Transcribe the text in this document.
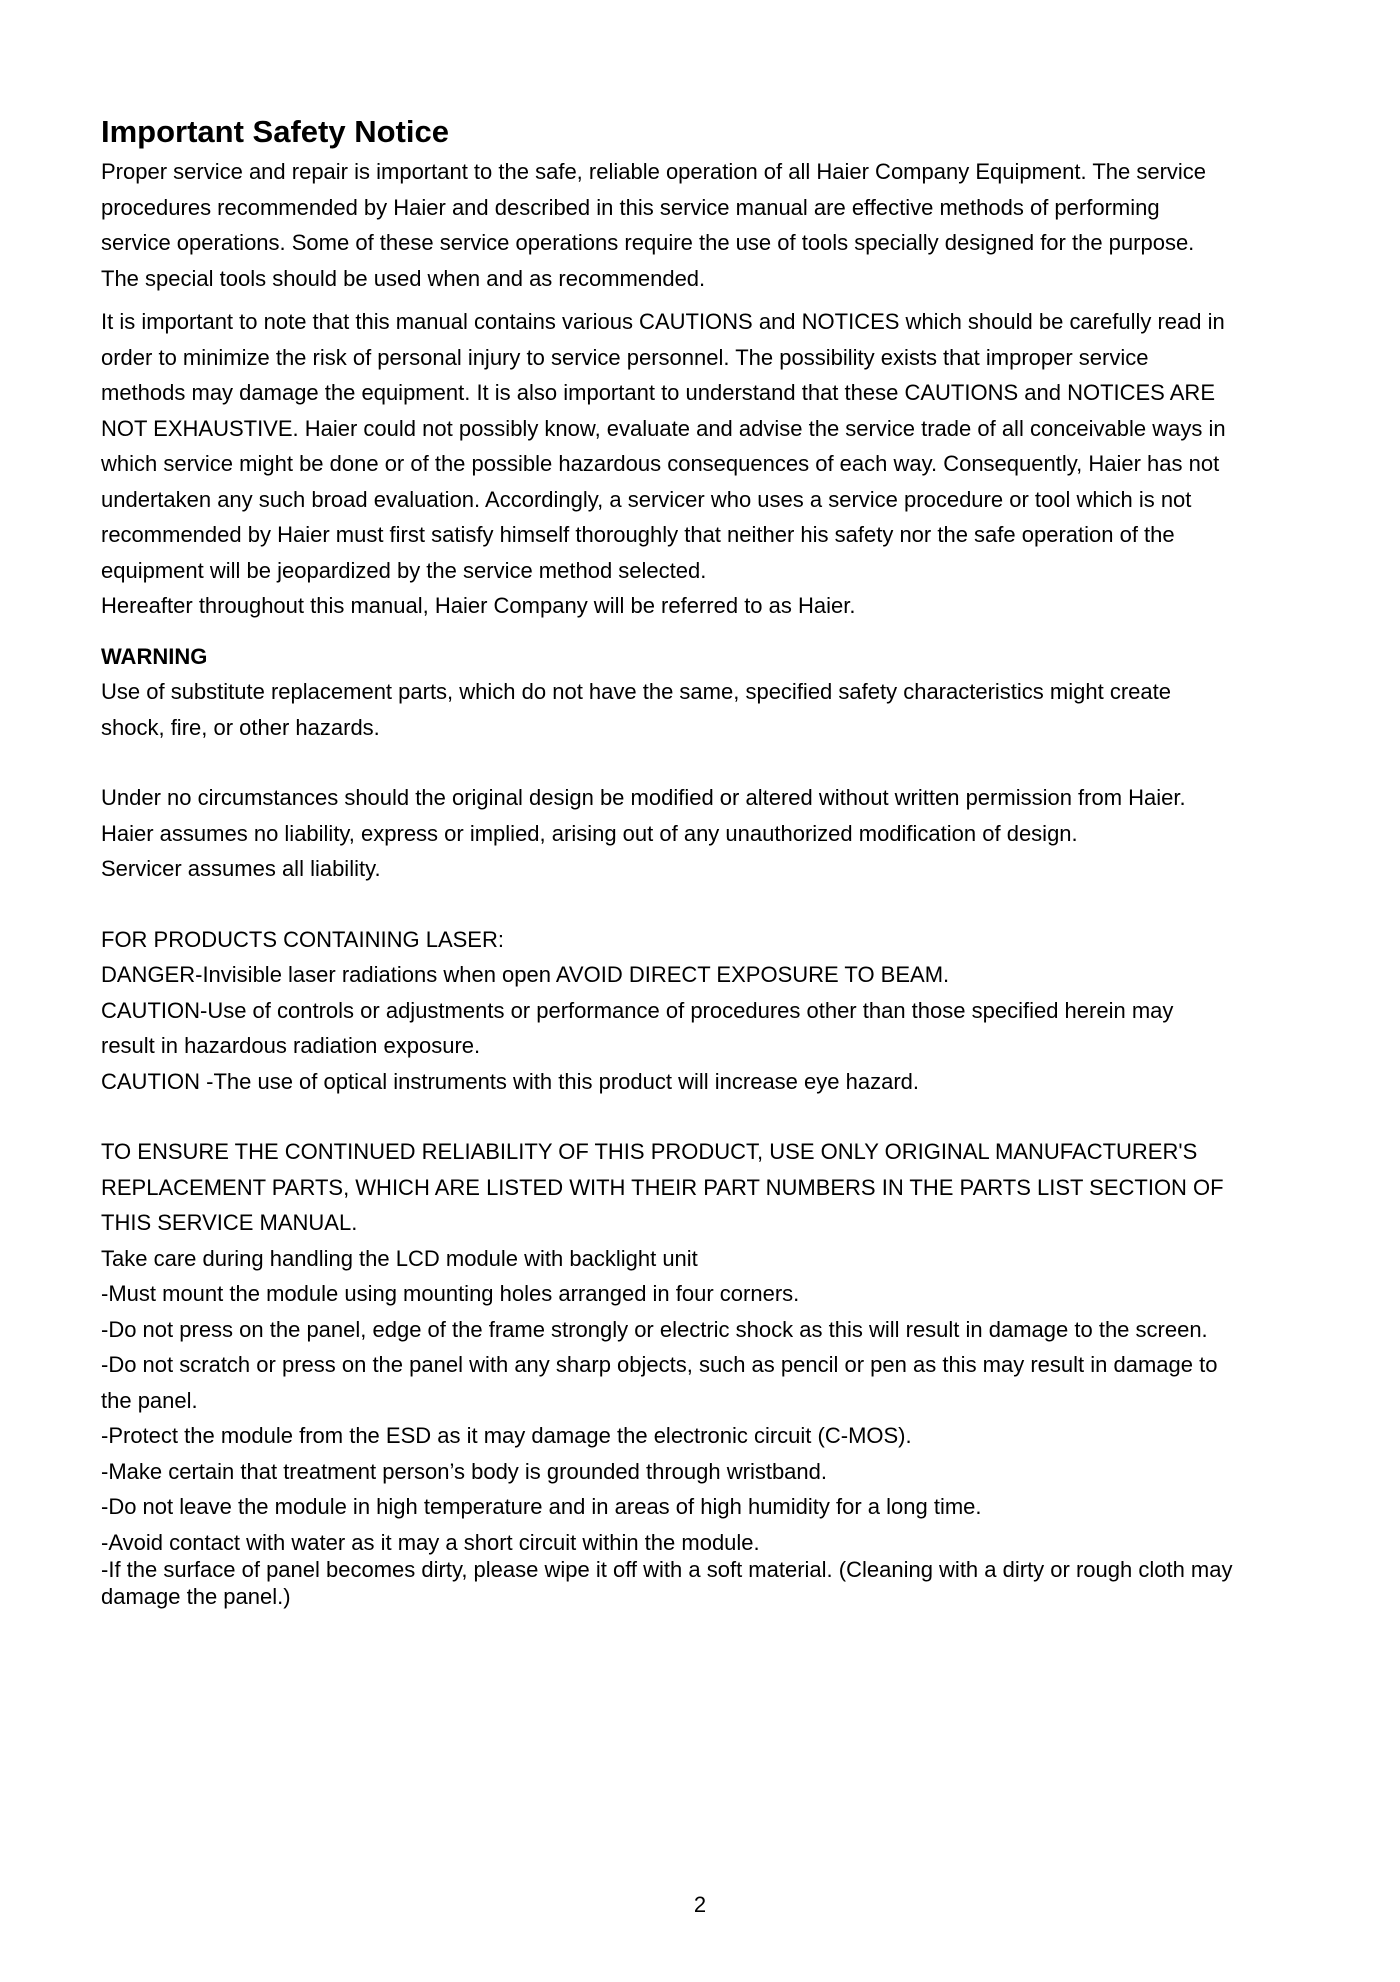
Important Safety Notice
Proper service and repair is important to the safe, reliable operation of all Haier Company Equipment. The service
procedures recommended by Haier and described in this service manual are effective methods of performing
service operations. Some of these service operations require the use of tools specially designed for the purpose.
The special tools should be used when and as recommended.
It is important to note that this manual contains various CAUTIONS and NOTICES which should be carefully read in
order to minimize the risk of personal injury to service personnel. The possibility exists that improper service
methods may damage the equipment. It is also important to understand that these CAUTIONS and NOTICES ARE
NOT EXHAUSTIVE. Haier could not possibly know, evaluate and advise the service trade of all conceivable ways in
which service might be done or of the possible hazardous consequences of each way. Consequently, Haier has not
undertaken any such broad evaluation. Accordingly, a servicer who uses a service procedure or tool which is not
recommended by Haier must first satisfy himself thoroughly that neither his safety nor the safe operation of the
equipment will be jeopardized by the service method selected.
Hereafter throughout this manual, Haier Company will be referred to as Haier.
WARNING
Use of substitute replacement parts, which do not have the same, specified safety characteristics might create
shock, fire, or other hazards.
Under no circumstances should the original design be modified or altered without written permission from Haier.
Haier assumes no liability, express or implied, arising out of any unauthorized modification of design.
Servicer assumes all liability.
FOR PRODUCTS CONTAINING LASER:
DANGER-Invisible laser radiations when open AVOID DIRECT EXPOSURE TO BEAM.
CAUTION-Use of controls or adjustments or performance of procedures other than those specified herein may
result in hazardous radiation exposure.
CAUTION -The use of optical instruments with this product will increase eye hazard.
TO ENSURE THE CONTINUED RELIABILITY OF THIS PRODUCT, USE ONLY ORIGINAL MANUFACTURER'S
REPLACEMENT PARTS, WHICH ARE LISTED WITH THEIR PART NUMBERS IN THE PARTS LIST SECTION OF
THIS SERVICE MANUAL.
Take care during handling the LCD module with backlight unit
-Must mount the module using mounting holes arranged in four corners.
-Do not press on the panel, edge of the frame strongly or electric shock as this will result in damage to the screen.
-Do not scratch or press on the panel with any sharp objects, such as pencil or pen as this may result in damage to
the panel.
-Protect the module from the ESD as it may damage the electronic circuit (C-MOS).
-Make certain that treatment person’s body is grounded through wristband.
-Do not leave the module in high temperature and in areas of high humidity for a long time.
-Avoid contact with water as it may a short circuit within the module.
-If the surface of panel becomes dirty, please wipe it off with a soft material. (Cleaning with a dirty or rough cloth may
damage the panel.)
2
